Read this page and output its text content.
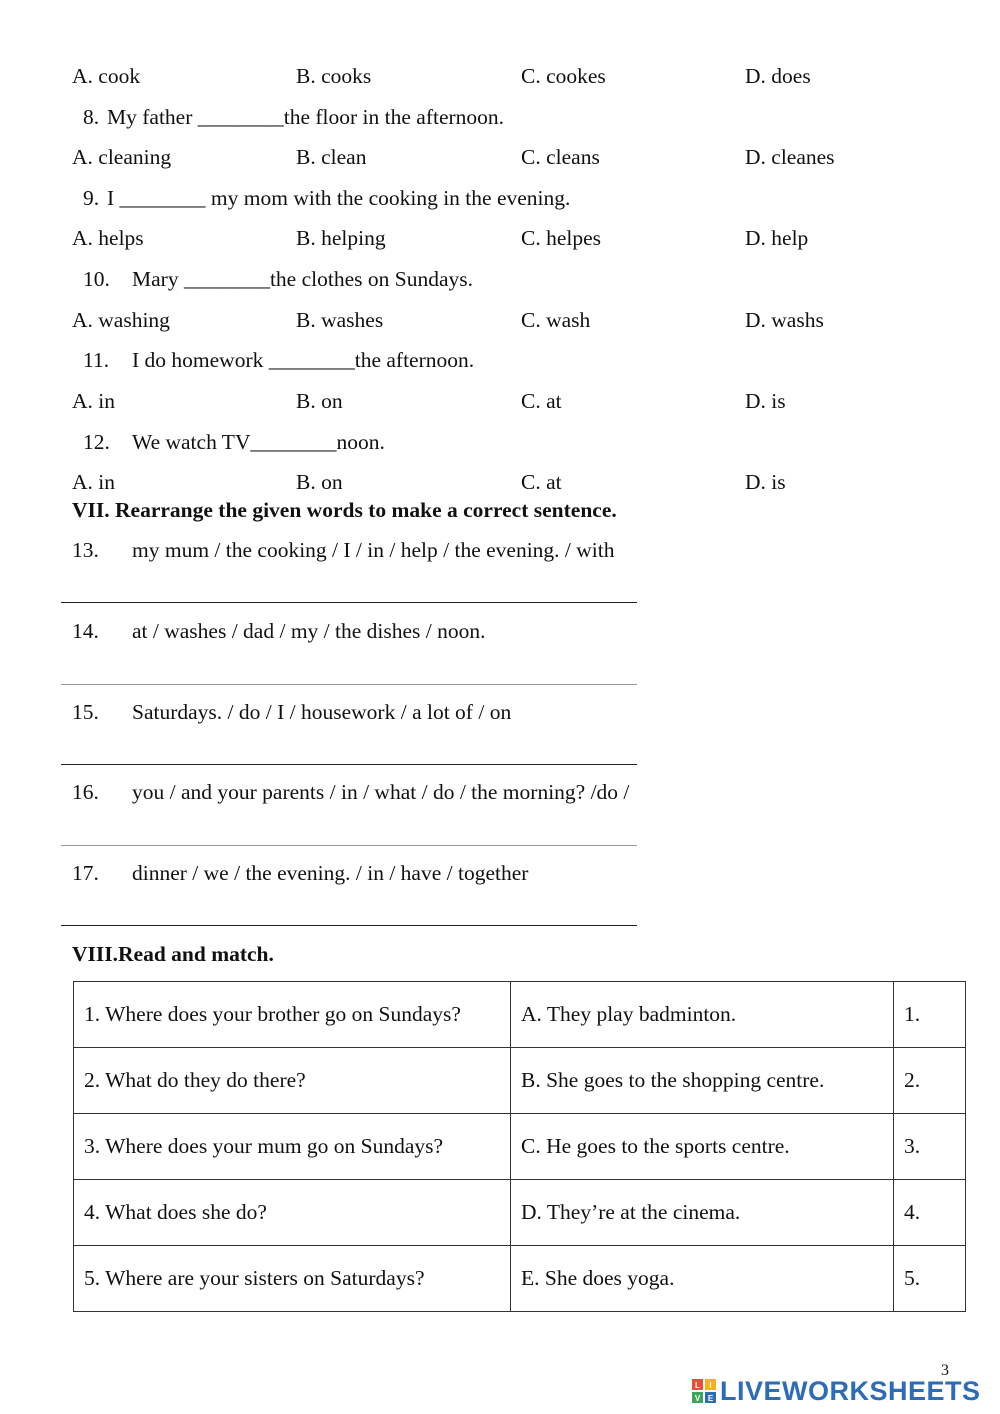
A. cook	B. cooks	C. cookes	D. does
8. My father ________the floor in the afternoon.
A. cleaning	B. clean	C. cleans	D. cleanes
9. I ________ my mom with the cooking in the evening.
A. helps	B. helping	C. helpes	D. help
10. Mary ________the clothes on Sundays.
A. washing	B. washes	C. wash	D. washs
11. I do homework ________the afternoon.
A. in	B. on	C. at	D. is
12. We watch TV________noon.
A. in	B. on	C. at	D. is
VII. Rearrange the given words to make a correct sentence.
13. my mum / the cooking / I / in / help / the evening. / with
14. at / washes / dad / my / the dishes / noon.
15. Saturdays. / do / I / housework / a lot of / on
16. you / and your parents / in / what / do / the morning? /do /
17. dinner / we / the evening. / in / have / together
VIII.Read and match.
1. Where does your brother go on Sundays?	A. They play badminton.	1.
2. What do they do there?	B. She goes to the shopping centre.	2.
3. Where does your mum go on Sundays?	C. He goes to the sports centre.	3.
4. What does she do?	D. They’re at the cinema.	4.
5. Where are your sisters on Saturdays?	E. She does yoga.	5.
3
L I
V E LIVEWORKSHEETS
